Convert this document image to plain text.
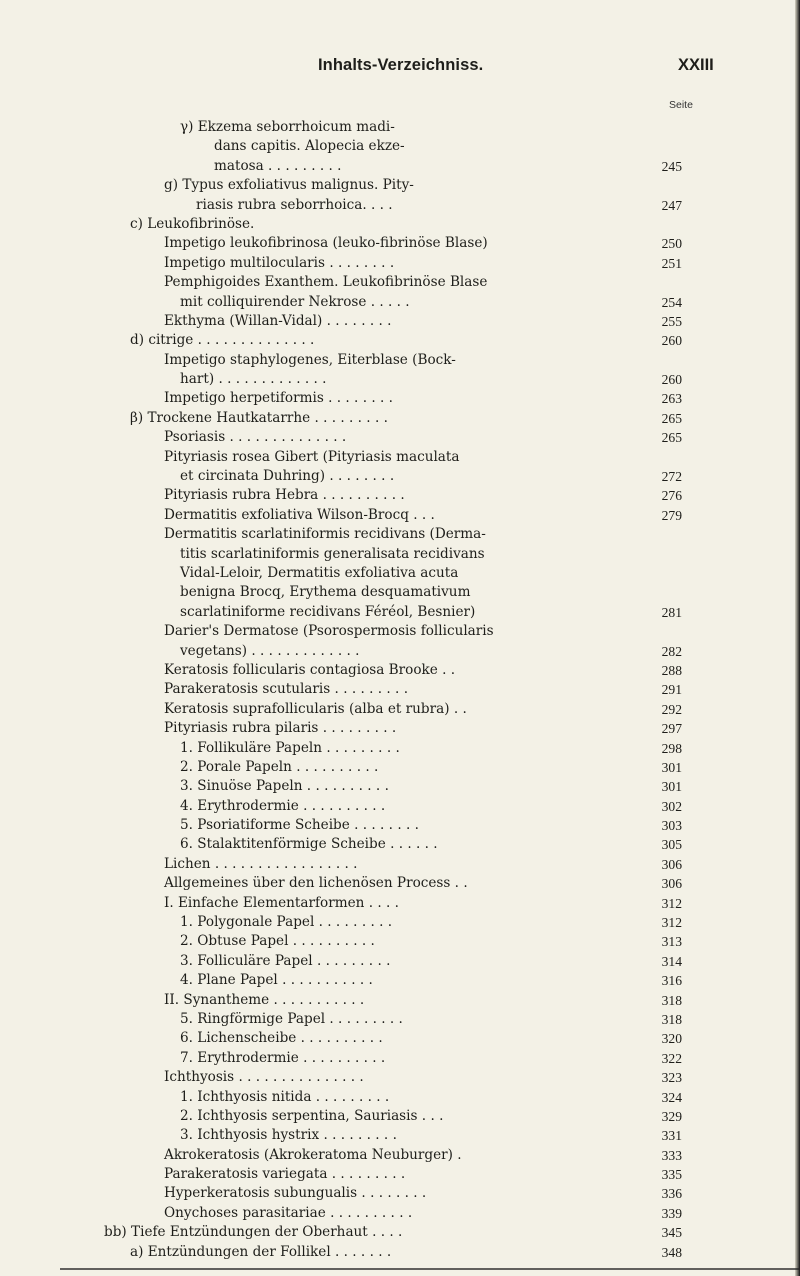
Inhalts-Verzeichniss.	XXIII
Seite
γ) Ekzema seborrhoicum madi-
dans capitis. Alopecia ekze-
matosa . . . . . . . . .	245
g) Typus exfoliativus malignus. Pity-
riasis rubra seborrhoica. . . .	247
c) Leukofibrinöse.
Impetigo leukofibrinosa (leuko-fibrinöse Blase)	250
Impetigo multilocularis . . . . . . . .	251
Pemphigoides Exanthem. Leukofibrinöse Blase
mit colliquirender Nekrose . . . . .	254
Ekthyma (Willan-Vidal) . . . . . . . .	255
d) citrige . . . . . . . . . . . . . .	260
Impetigo staphylogenes, Eiterblase (Bock-
hart) . . . . . . . . . . . . .	260
Impetigo herpetiformis . . . . . . . .	263
β) Trockene Hautkatarrhe . . . . . . . . .	265
Psoriasis . . . . . . . . . . . . . .	265
Pityriasis rosea Gibert (Pityriasis maculata
et circinata Duhring) . . . . . . . .	272
Pityriasis rubra Hebra . . . . . . . . . .	276
Dermatitis exfoliativa Wilson-Brocq . . .	279
Dermatitis scarlatiniformis recidivans (Derma-
titis scarlatiniformis generalisata recidivans
Vidal-Leloir, Dermatitis exfoliativa acuta
benigna Brocq, Erythema desquamativum
scarlatiniforme recidivans Féréol, Besnier)	281
Darier's Dermatose (Psorospermosis follicularis
vegetans) . . . . . . . . . . . . .	282
Keratosis follicularis contagiosa Brooke . .	288
Parakeratosis scutularis . . . . . . . . .	291
Keratosis suprafollicularis (alba et rubra) . .	292
Pityriasis rubra pilaris . . . . . . . . .	297
1. Follikuläre Papeln . . . . . . . . .	298
2. Porale Papeln . . . . . . . . . .	301
3. Sinuöse Papeln . . . . . . . . . .	301
4. Erythrodermie . . . . . . . . . .	302
5. Psoriatiforme Scheibe . . . . . . . .	303
6. Stalaktitenförmige Scheibe . . . . . .	305
Lichen . . . . . . . . . . . . . . . . .	306
Allgemeines über den lichenösen Process . .	306
I. Einfache Elementarformen . . . .	312
1. Polygonale Papel . . . . . . . . .	312
2. Obtuse Papel . . . . . . . . . .	313
3. Folliculäre Papel . . . . . . . . .	314
4. Plane Papel . . . . . . . . . . .	316
II. Synantheme . . . . . . . . . . .	318
5. Ringförmige Papel . . . . . . . . .	318
6. Lichenscheibe . . . . . . . . . .	320
7. Erythrodermie . . . . . . . . . .	322
Ichthyosis . . . . . . . . . . . . . . .	323
1. Ichthyosis nitida . . . . . . . . .	324
2. Ichthyosis serpentina, Sauriasis . . .	329
3. Ichthyosis hystrix . . . . . . . . .	331
Akrokeratosis (Akrokeratoma Neuburger) .	333
Parakeratosis variegata . . . . . . . . .	335
Hyperkeratosis subungualis . . . . . . . .	336
Onychoses parasitariae . . . . . . . . . .	339
bb) Tiefe Entzündungen der Oberhaut . . . .	345
a) Entzündungen der Follikel . . . . . . .	348
